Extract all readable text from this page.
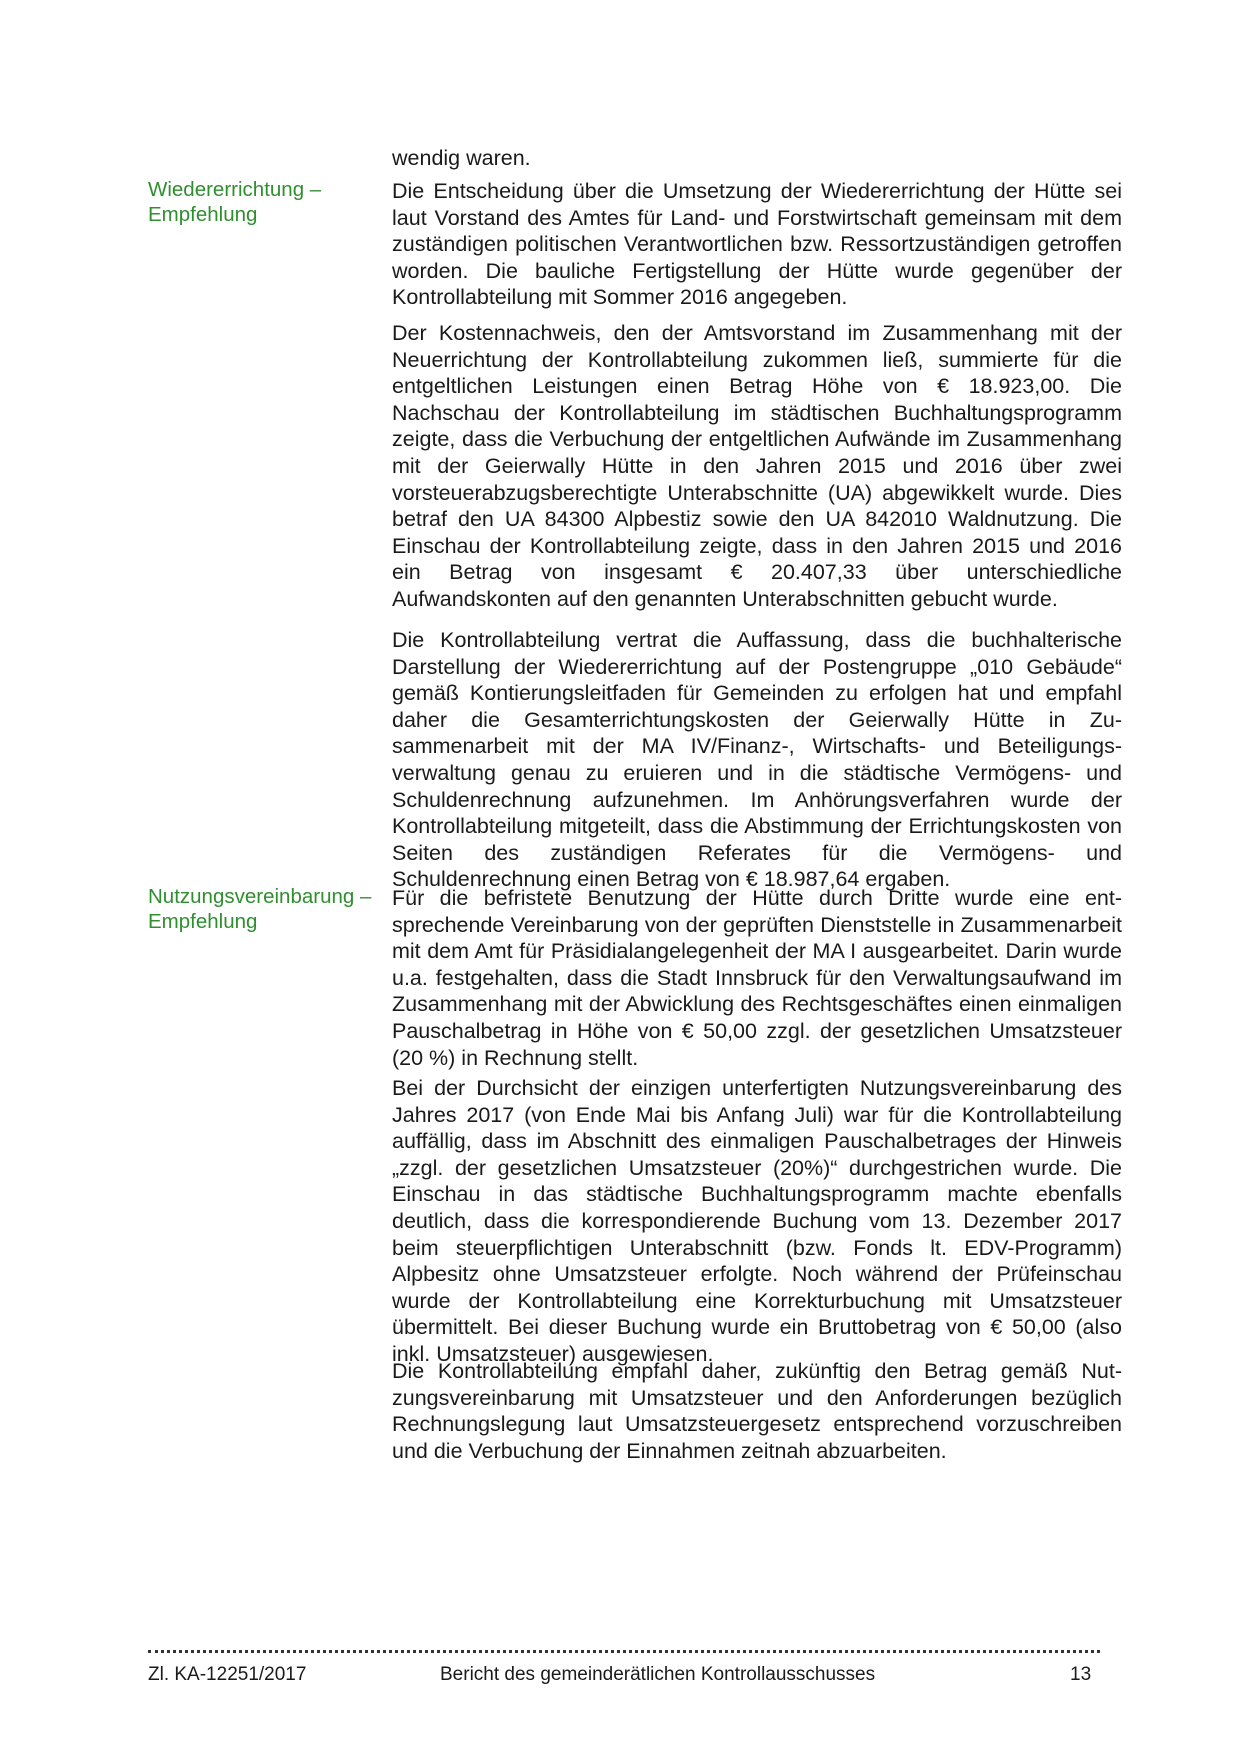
wendig waren.

Wiedererrichtung – Empfehlung

Die Entscheidung über die Umsetzung der Wiedererrichtung der Hütte sei laut Vorstand des Amtes für Land- und Forstwirtschaft gemeinsam mit dem zuständigen politischen Verantwortlichen bzw. Ressortzuständigen getroffen worden. Die bauliche Fertigstellung der Hütte wurde gegenüber der Kontrollabteilung mit Sommer 2016 angegeben.

Der Kostennachweis, den der Amtsvorstand im Zusammenhang mit der Neuerrichtung der Kontrollabteilung zukommen ließ, summierte für die entgeltlichen Leistungen einen Betrag Höhe von € 18.923,00. Die Nachschau der Kontrollabteilung im städtischen Buchhaltungsprogramm zeigte, dass die Verbuchung der entgeltlichen Aufwände im Zusammenhang mit der Geierwally Hütte in den Jahren 2015 und 2016 über zwei vorsteuerabzugsberechtigte Unterabschnitte (UA) abgewikkelt wurde. Dies betraf den UA 84300 Alpbestiz sowie den UA 842010 Waldnutzung. Die Einschau der Kontrollabteilung zeigte, dass in den Jahren 2015 und 2016 ein Betrag von insgesamt € 20.407,33 über unterschiedliche Aufwandskonten auf den genannten Unterabschnitten gebucht wurde.

Die Kontrollabteilung vertrat die Auffassung, dass die buchhalterische Darstellung der Wiedererrichtung auf der Postengruppe „010 Gebäude“ gemäß Kontierungsleitfaden für Gemeinden zu erfolgen hat und empfahl daher die Gesamterrichtungskosten der Geierwally Hütte in Zusammenarbeit mit der MA IV/Finanz-, Wirtschafts- und Beteiligungsverwaltung genau zu eruieren und in die städtische Vermögens- und Schuldenrechnung aufzunehmen. Im Anhörungsverfahren wurde der Kontrollabteilung mitgeteilt, dass die Abstimmung der Errichtungskosten von Seiten des zuständigen Referates für die Vermögens- und Schuldenrechnung einen Betrag von € 18.987,64 ergaben.

Nutzungsvereinbarung – Empfehlung

Für die befristete Benutzung der Hütte durch Dritte wurde eine entsprechende Vereinbarung von der geprüften Dienststelle in Zusammenarbeit mit dem Amt für Präsidialangelegenheit der MA I ausgearbeitet. Darin wurde u.a. festgehalten, dass die Stadt Innsbruck für den Verwaltungsaufwand im Zusammenhang mit der Abwicklung des Rechtsgeschäftes einen einmaligen Pauschalbetrag in Höhe von € 50,00 zzgl. der gesetzlichen Umsatzsteuer (20 %) in Rechnung stellt.

Bei der Durchsicht der einzigen unterfertigten Nutzungsvereinbarung des Jahres 2017 (von Ende Mai bis Anfang Juli) war für die Kontrollabteilung auffällig, dass im Abschnitt des einmaligen Pauschalbetrages der Hinweis „zzgl. der gesetzlichen Umsatzsteuer (20%)“ durchgestrichen wurde. Die Einschau in das städtische Buchhaltungsprogramm machte ebenfalls deutlich, dass die korrespondierende Buchung vom 13. Dezember 2017 beim steuerpflichtigen Unterabschnitt (bzw. Fonds lt. EDV-Programm) Alpbesitz ohne Umsatzsteuer erfolgte. Noch während der Prüfeinschau wurde der Kontrollabteilung eine Korrekturbuchung mit Umsatzsteuer übermittelt. Bei dieser Buchung wurde ein Bruttobetrag von € 50,00 (also inkl. Umsatzsteuer) ausgewiesen.

Die Kontrollabteilung empfahl daher, zukünftig den Betrag gemäß Nutzungsvereinbarung mit Umsatzsteuer und den Anforderungen bezüglich Rechnungslegung laut Umsatzsteuergesetz entsprechend vorzuschreiben und die Verbuchung der Einnahmen zeitnah abzuarbeiten.

Zl. KA-12251/2017	Bericht des gemeinderätlichen Kontrollausschusses	13
